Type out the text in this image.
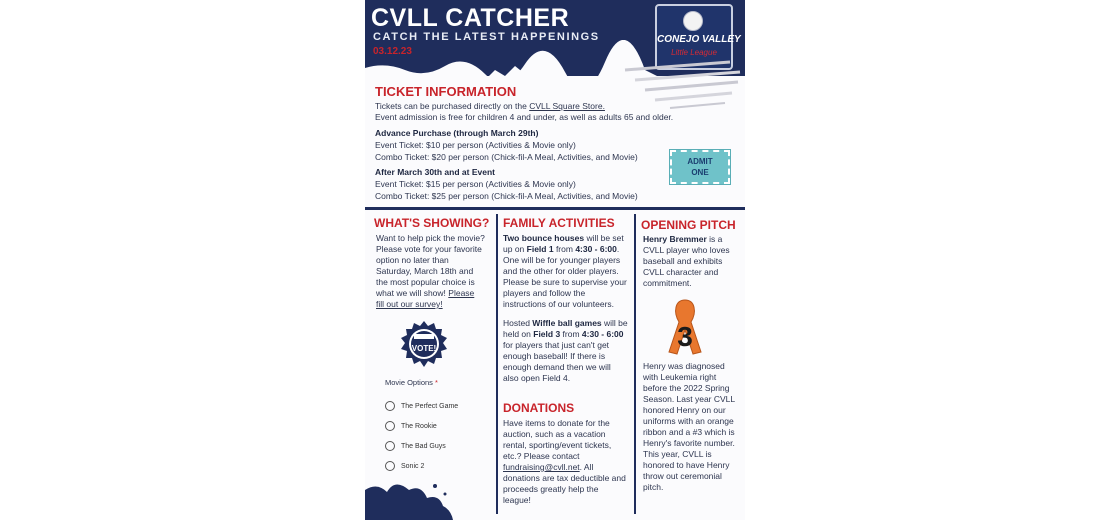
CVLL CATCHER
CATCH THE LATEST HAPPENINGS
03.12.23
CONEJO VALLEY
Little League
TICKET INFORMATION
Tickets can be purchased directly on the CVLL Square Store.
Event admission is free for children 4 and under, as well as adults 65 and older.
Advance Purchase (through March 29th)
Event Ticket: $10 per person (Activities & Movie only)
Combo Ticket: $20 per person (Chick-fil-A Meal, Activities, and Movie)
After March 30th and at Event
Event Ticket: $15 per person (Activities & Movie only)
Combo Ticket: $25 per person (Chick-fil-A Meal, Activities, and Movie)
ADMIT
ONE
WHAT'S SHOWING?
Want to help pick the movie?
Please vote for your favorite
option no later than
Saturday, March 18th and
the most popular choice is
what we will show! Please
fill out our survey!
VOTE!
Movie Options *
The Perfect Game
The Rookie
The Bad Guys
Sonic 2
FAMILY ACTIVITIES
Two bounce houses will be set
up on Field 1 from 4:30 - 6:00.
One will be for younger players
and the other for older players.
Please be sure to supervise your
players and follow the
instructions of our volunteers.
Hosted Wiffle ball games will be
held on Field 3 from 4:30 - 6:00
for players that just can't get
enough baseball! If there is
enough demand then we will
also open Field 4.
DONATIONS
Have items to donate for the
auction, such as a vacation
rental, sporting/event tickets,
etc.? Please contact
fundraising@cvll.net. All
donations are tax deductible and
proceeds greatly help the
league!
OPENING PITCH
Henry Bremmer is a
CVLL player who loves
baseball and exhibits
CVLL character and
commitment.
3
Henry was diagnosed
with Leukemia right
before the 2022 Spring
Season. Last year CVLL
honored Henry on our
uniforms with an orange
ribbon and a #3 which is
Henry's favorite number.
This year, CVLL is
honored to have Henry
throw out ceremonial
pitch.
